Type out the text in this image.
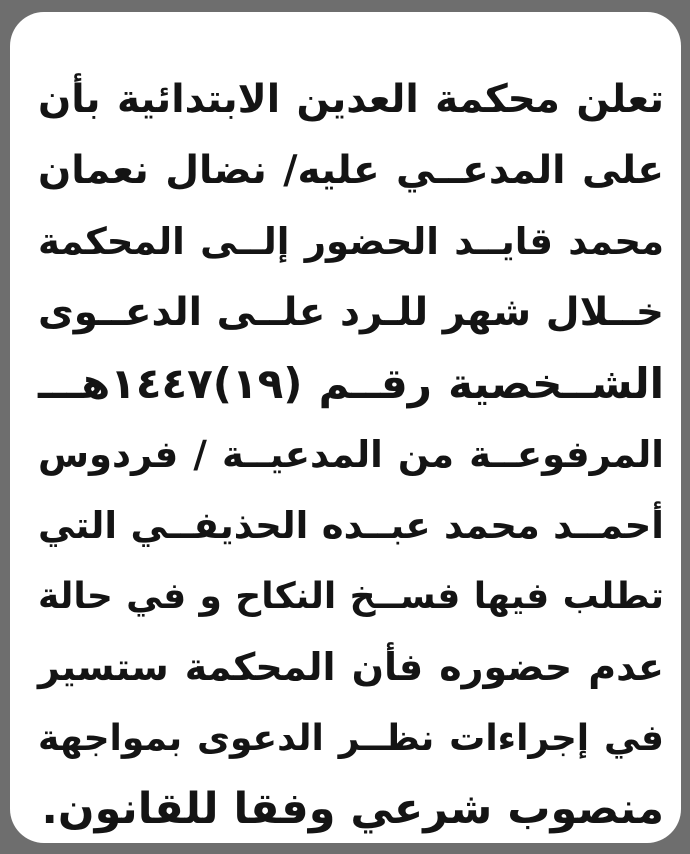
تعلن محكمة العدين الابتدائية بأن
على المدعــي عليه/ نضال نعمان
محمد قايــد الحضور إلــى المحكمة
خــلال شهر للـرد علــى الدعــوى
الشــخصية رقــم (١٩)١٤٤٧هـــ
المرفوعــة من المدعيــة / فردوس
أحمــد محمد عبــده الحذيفــي التي
تطلب فيها فســخ النكاح و في حالة
عدم حضوره فأن المحكمة ستسير
في إجراءات نظــر الدعوى بمواجهة
منصوب شرعي وفقا للقانون.
